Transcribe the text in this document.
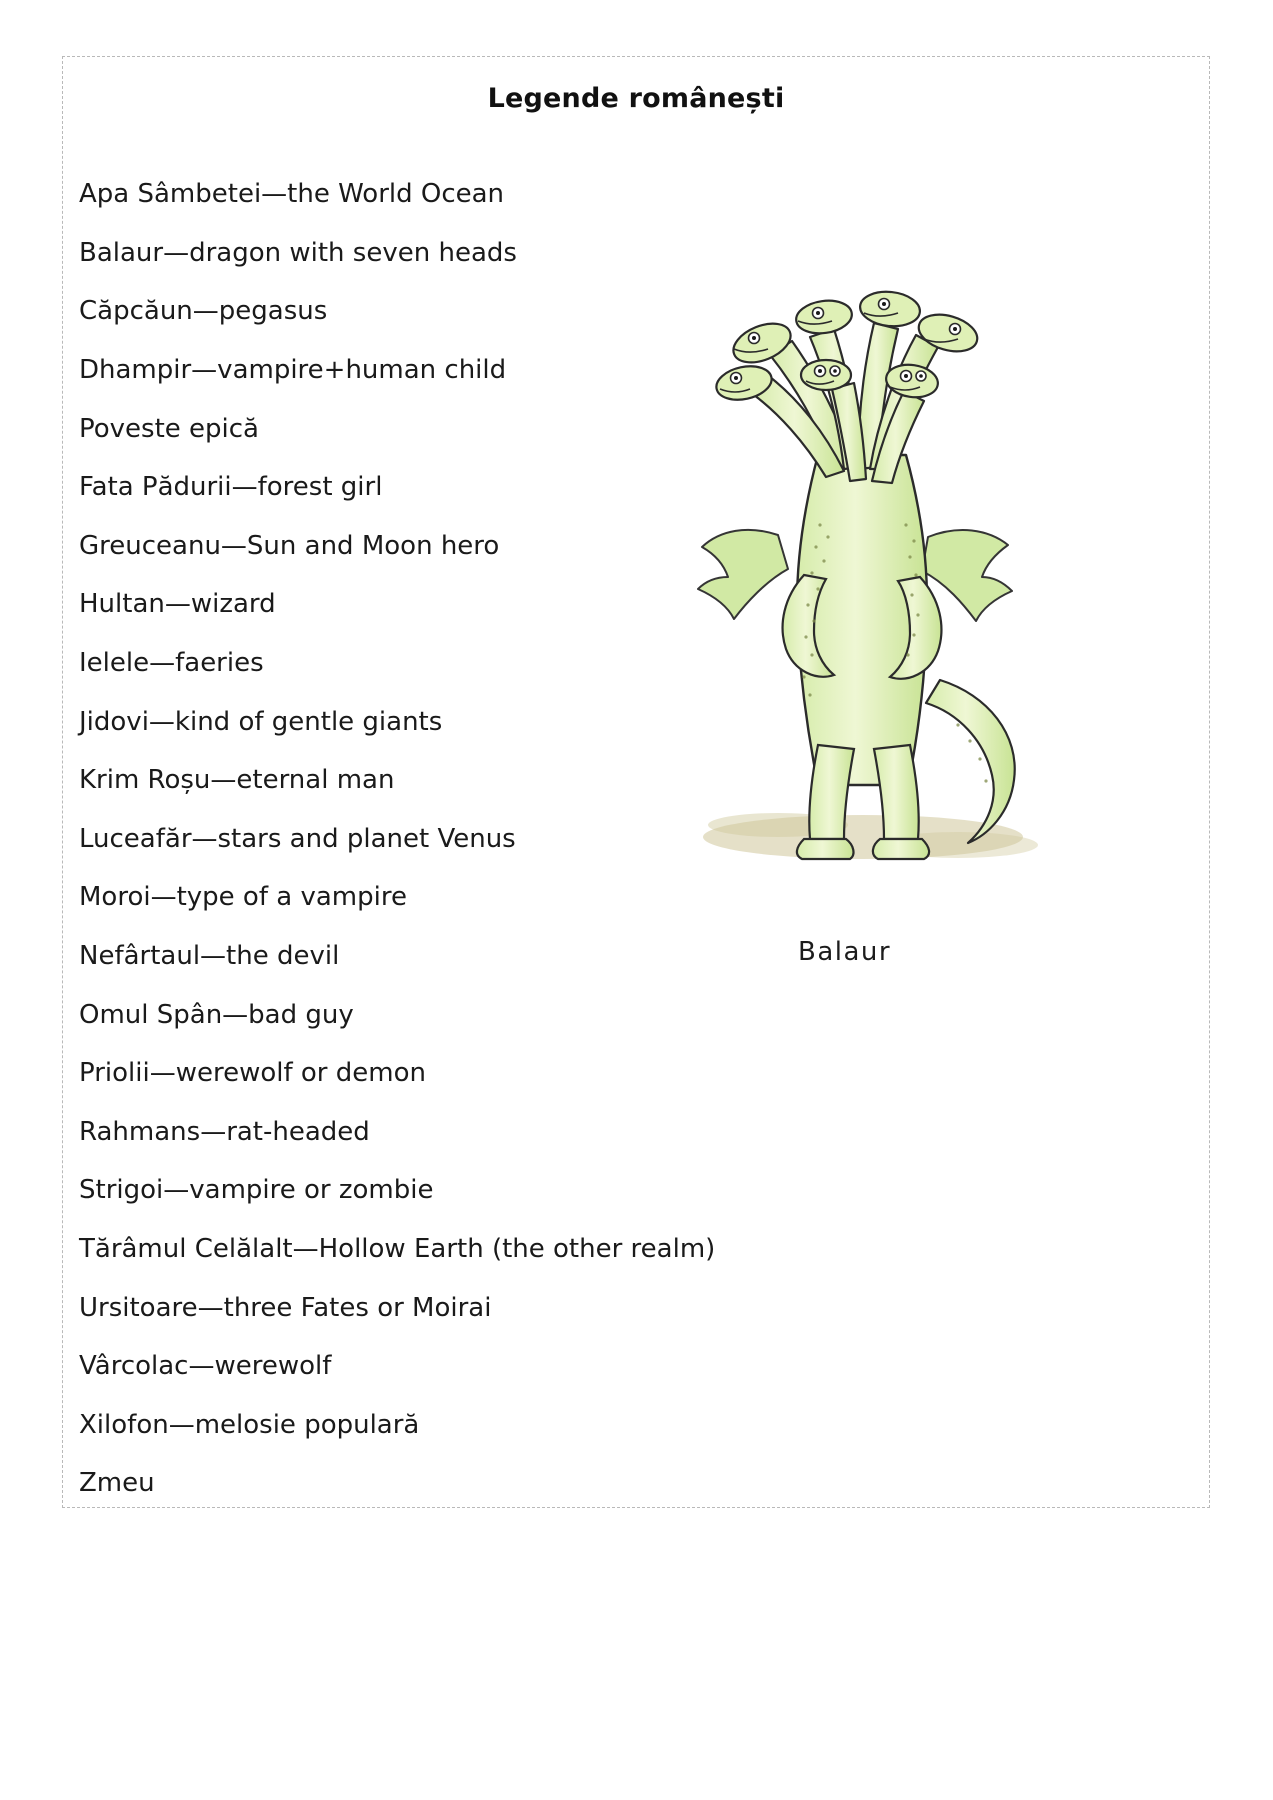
Legende românești
Apa Sâmbetei—the World Ocean
Balaur—dragon with seven heads
Căpcăun—pegasus
Dhampir—vampire+human child
Poveste epică
Fata Pădurii—forest girl
Greuceanu—Sun and Moon hero
Hultan—wizard
Ielele—faeries
Jidovi—kind of gentle giants
Krim Roșu—eternal man
Luceafăr—stars and planet Venus
Moroi—type of a vampire
Nefârtaul—the devil
Omul Spân—bad guy
Priolii—werewolf or demon
Rahmans—rat-headed
Strigoi—vampire or zombie
Tărâmul Celălalt—Hollow Earth (the other realm)
Ursitoare—three Fates or Moirai
Vârcolac—werewolf
Xilofon—melosie populară
Zmeu
Balaur
